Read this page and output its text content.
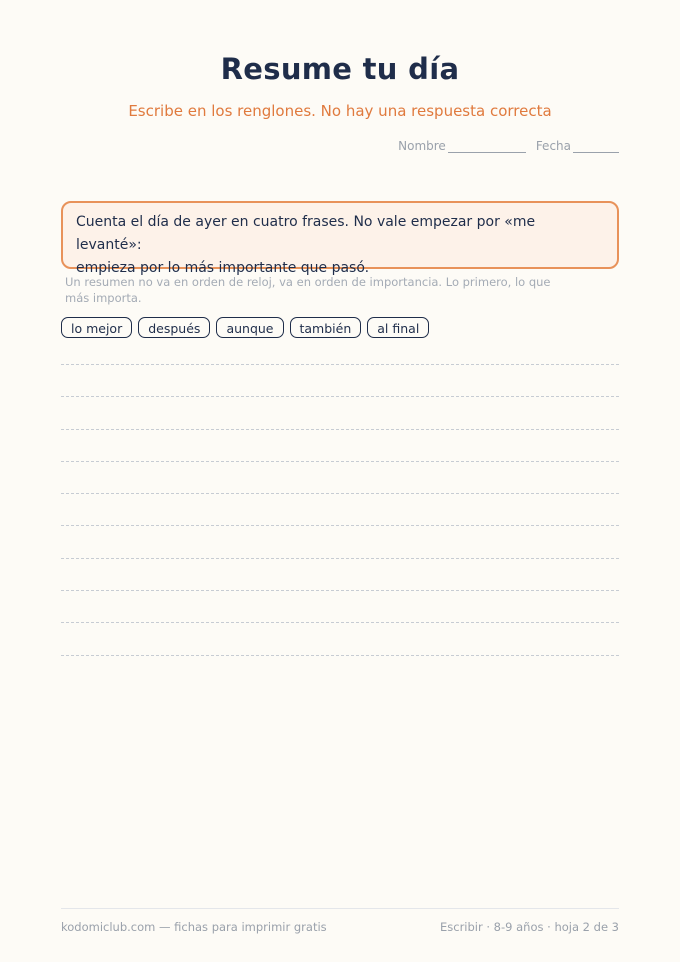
Resume tu día
Escribe en los renglones. No hay una respuesta correcta
Nombre	Fecha
Cuenta el día de ayer en cuatro frases. No vale empezar por «me levanté»:
empieza por lo más importante que pasó.
Un resumen no va en orden de reloj, va en orden de importancia. Lo primero, lo que
más importa.
lo mejor	después	aunque	también	al final
kodomiclub.com — fichas para imprimir gratis	Escribir · 8-9 años · hoja 2 de 3
